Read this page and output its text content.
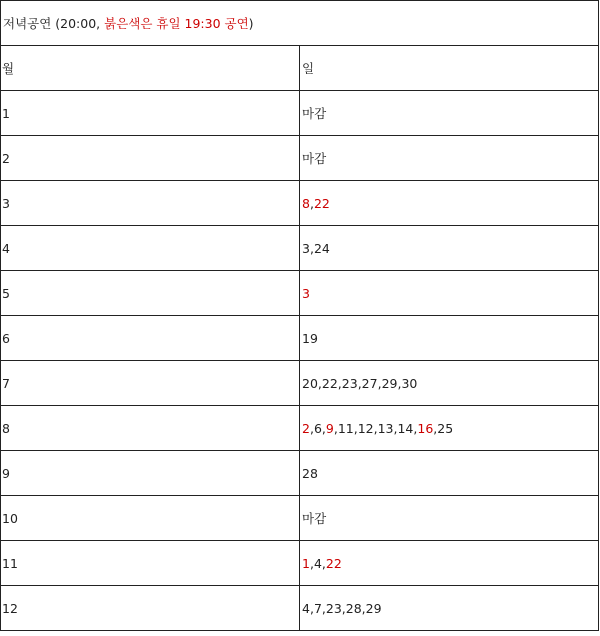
저녁공연 (20:00, 붉은색은 휴일 19:30 공연)	
월	일
1	마감
2	마감
3	8,22
4	3,24
5	3
6	19
7	20,22,23,27,29,30
8	2,6,9,11,12,13,14,16,25
9	28
10	마감
11	1,4,22
12	4,7,23,28,29
